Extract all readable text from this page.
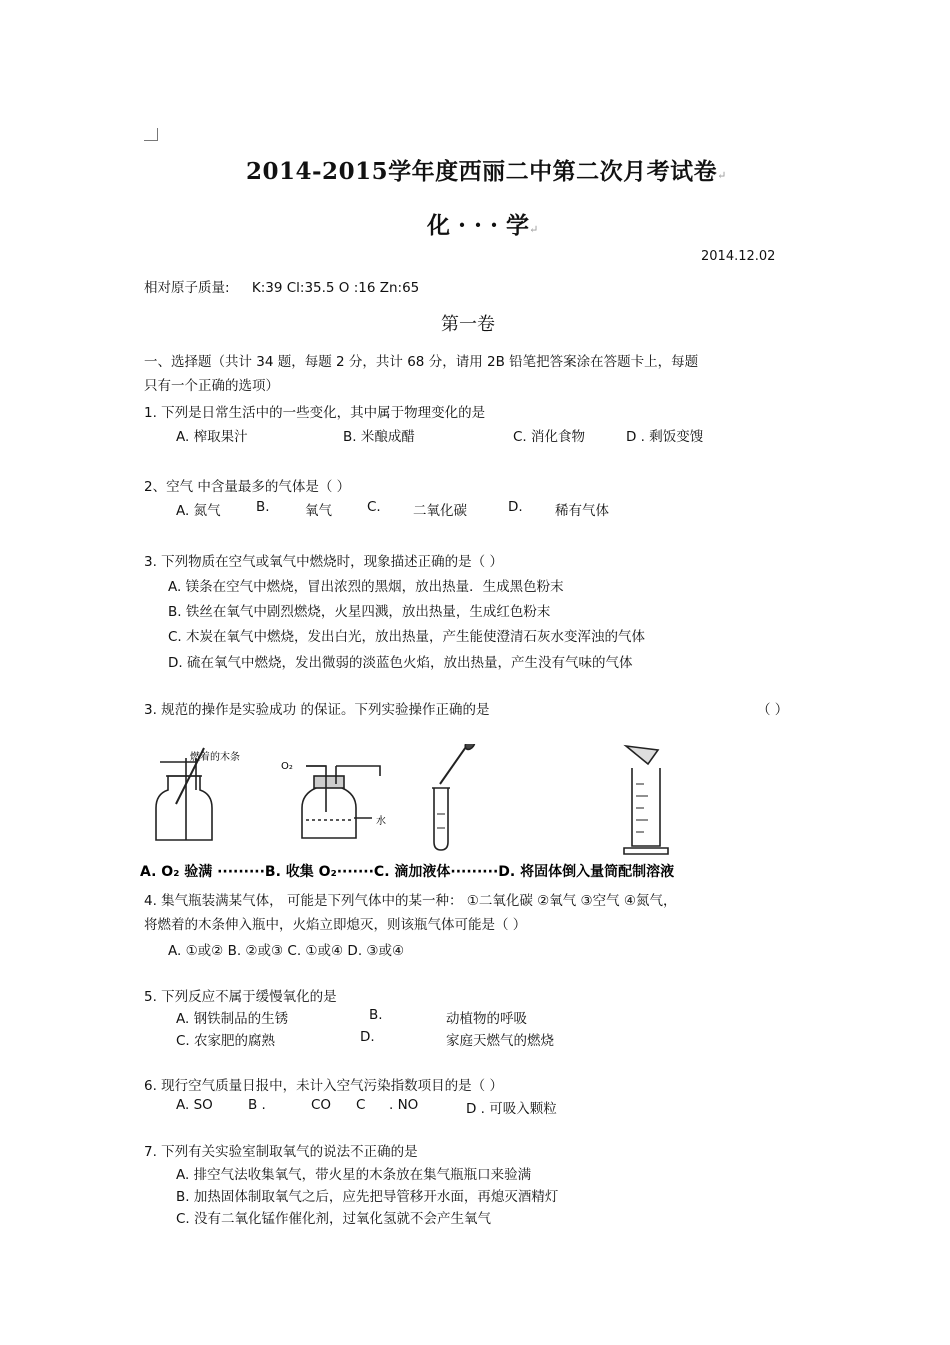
2014-2015学年度西丽二中第二次月考试卷↵
化 · · · 学↵
2014.12.02
相对原子质量: K:39 Cl:35.5 O :16 Zn:65
第一卷
一、选择题（共计 34 题，每题 2 分，共计 68 分，请用 2B 铅笔把答案涂在答题卡上，每题
只有一个正确的选项）
1. 下列是日常生活中的一些变化，其中属于物理变化的是
A. 榨取果汁	B. 米酿成醋	C. 消化食物	D . 剩饭变馊
2、空气 中含量最多的气体是（ ）
A. 氮气	B.	氧气	C. 二氧化碳	D. 稀有气体
3. 下列物质在空气或氧气中燃烧时，现象描述正确的是（ ）
A. 镁条在空气中燃烧，冒出浓烈的黑烟，放出热量．生成黑色粉末
B. 铁丝在氧气中剧烈燃烧，火星四溅，放出热量，生成红色粉末
C. 木炭在氧气中燃烧，发出白光，放出热量，产生能使澄清石灰水变浑浊的气体
D. 硫在氧气中燃烧，发出微弱的淡蓝色火焰，放出热量，产生没有气味的气体
3. 规范的操作是实验成功 的保证。下列实验操作正确的是	（ ）
燃着的木条
O₂
水
A. O₂ 验满 ·········B. 收集 O₂·······C. 滴加液体·········D. 将固体倒入量筒配制溶液
4. 集气瓶装满某气体， 可能是下列气体中的某一种： ①二氧化碳 ②氧气 ③空气 ④氮气，
将燃着的木条伸入瓶中，火焰立即熄灭，则该瓶气体可能是（ ）
A. ①或② B. ②或③ C. ①或④ D. ③或④
5. 下列反应不属于缓慢氧化的是
A. 钢铁制品的生锈	B.	动植物的呼吸
C. 农家肥的腐熟	D.	家庭天燃气的燃烧
6. 现行空气质量日报中，未计入空气污染指数项目的是（ ）
A. SO	B .	CO C . NO	D . 可吸入颗粒
7. 下列有关实验室制取氧气的说法不正确的是
A. 排空气法收集氧气，带火星的木条放在集气瓶瓶口来验满
B. 加热固体制取氧气之后，应先把导管移开水面，再熄灭酒精灯
C. 没有二氧化锰作催化剂，过氧化氢就不会产生氧气
